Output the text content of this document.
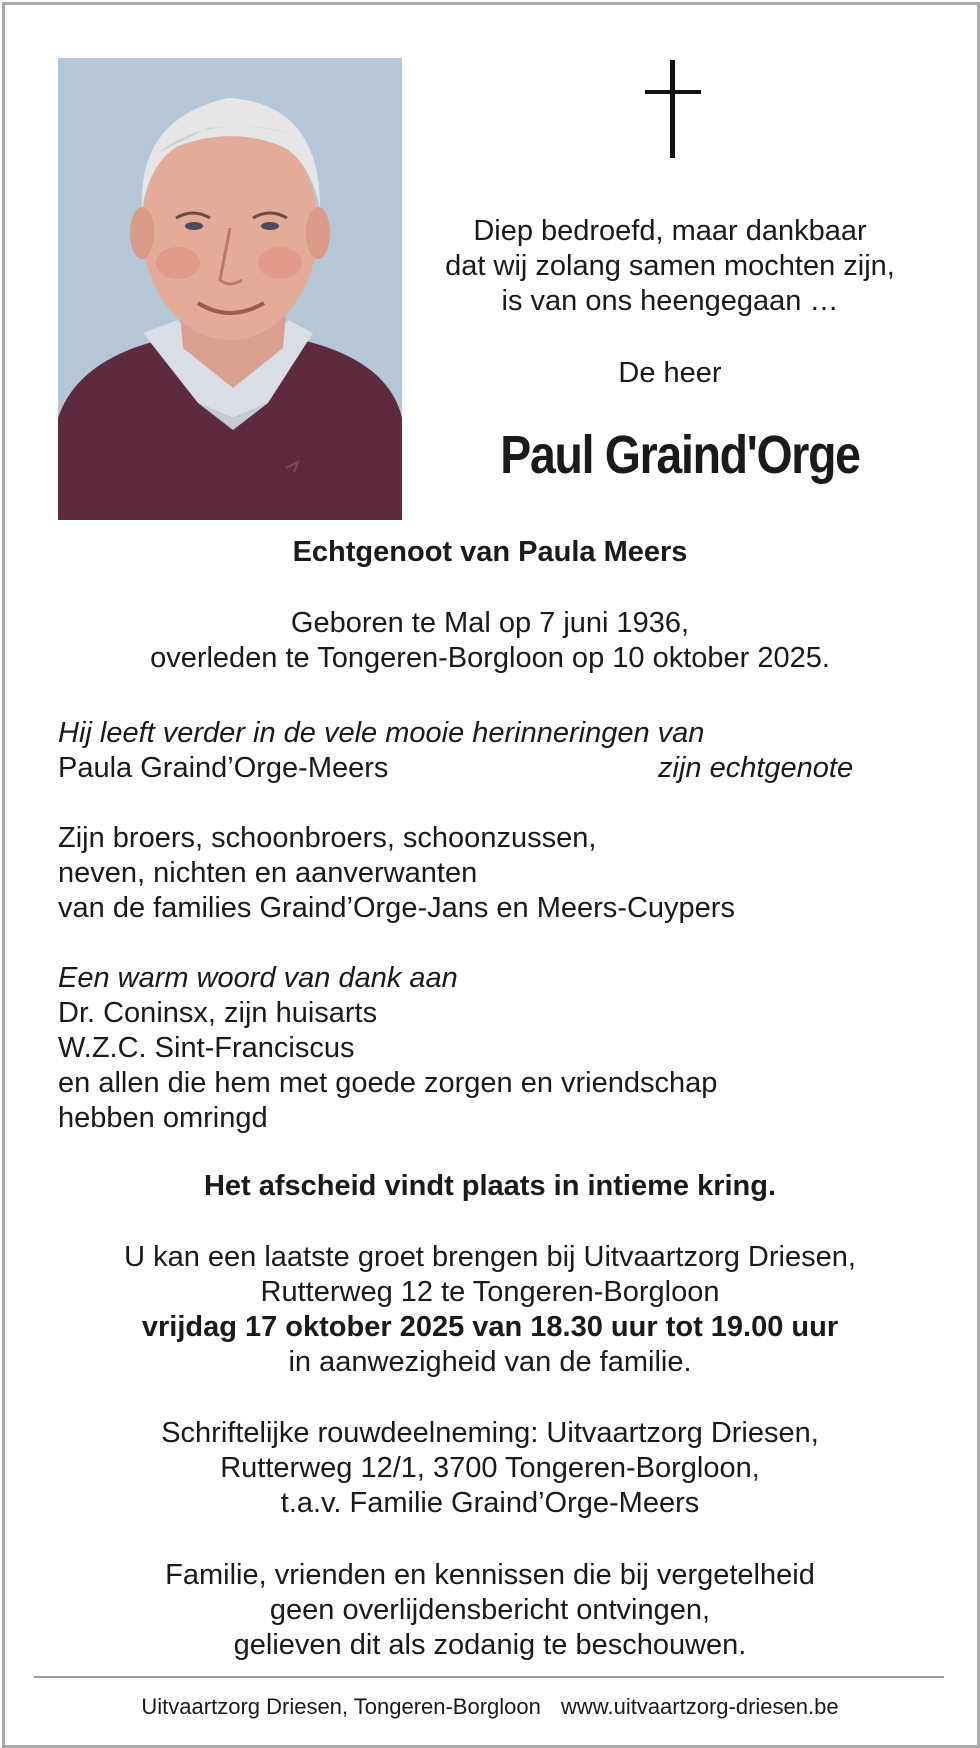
Diep bedroefd, maar dankbaar
dat wij zolang samen mochten zijn,
is van ons heengegaan …
De heer
Paul Graind'Orge
Echtgenoot van Paula Meers
Geboren te Mal op 7 juni 1936,
overleden te Tongeren-Borgloon op 10 oktober 2025.
Hij leeft verder in de vele mooie herinneringen van
Paula Graind’Orge-Meers	zijn echtgenote
Zijn broers, schoonbroers, schoonzussen,
neven, nichten en aanverwanten
van de families Graind’Orge-Jans en Meers-Cuypers
Een warm woord van dank aan
Dr. Coninsx, zijn huisarts
W.Z.C. Sint-Franciscus
en allen die hem met goede zorgen en vriendschap
hebben omringd
Het afscheid vindt plaats in intieme kring.
U kan een laatste groet brengen bij Uitvaartzorg Driesen,
Rutterweg 12 te Tongeren-Borgloon
vrijdag 17 oktober 2025 van 18.30 uur tot 19.00 uur
in aanwezigheid van de familie.
Schriftelijke rouwdeelneming: Uitvaartzorg Driesen,
Rutterweg 12/1, 3700 Tongeren-Borgloon,
t.a.v. Familie Graind’Orge-Meers
Familie, vrienden en kennissen die bij vergetelheid
geen overlijdensbericht ontvingen,
gelieven dit als zodanig te beschouwen.
Uitvaartzorg Driesen, Tongeren-Borgloon www.uitvaartzorg-driesen.be
